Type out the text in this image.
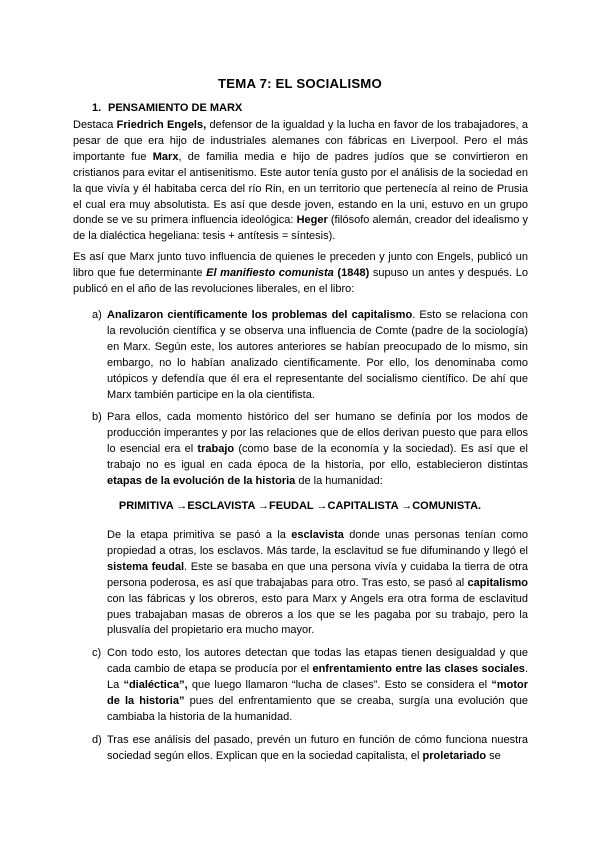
TEMA 7: EL SOCIALISMO
1. PENSAMIENTO DE MARX
Destaca Friedrich Engels, defensor de la igualdad y la lucha en favor de los trabajadores, a pesar de que era hijo de industriales alemanes con fábricas en Liverpool. Pero el más importante fue Marx, de familia media e hijo de padres judíos que se convirtieron en cristianos para evitar el antisenitismo. Este autor tenía gusto por el análisis de la sociedad en la que vivía y él habitaba cerca del río Rin, en un territorio que pertenecía al reino de Prusia el cual era muy absolutista. Es así que desde joven, estando en la uni, estuvo en un grupo donde se ve su primera influencia ideológica: Heger (filósofo alemán, creador del idealismo y de la dialéctica hegeliana: tesis + antítesis = síntesis).
Es así que Marx junto tuvo influencia de quienes le preceden y junto con Engels, publicó un libro que fue determinante El manifiesto comunista (1848) supuso un antes y después. Lo publicó en el año de las revoluciones liberales, en el libro:
a) Analizaron científicamente los problemas del capitalismo. Esto se relaciona con la revolución científica y se observa una influencia de Comte (padre de la sociología) en Marx. Según este, los autores anteriores se habían preocupado de lo mismo, sin embargo, no lo habían analizado científicamente. Por ello, los denominaba como utópicos y defendía que él era el representante del socialismo científico. De ahí que Marx también participe en la ola cientifista.
b) Para ellos, cada momento histórico del ser humano se definía por los modos de producción imperantes y por las relaciones que de ellos derivan puesto que para ellos lo esencial era el trabajo (como base de la economía y la sociedad). Es así que el trabajo no es igual en cada época de la historia, por ello, establecieron distintas etapas de la evolución de la historia de la humanidad:
PRIMITIVA →ESCLAVISTA →FEUDAL →CAPITALISTA →COMUNISTA.
De la etapa primitiva se pasó a la esclavista donde unas personas tenían como propiedad a otras, los esclavos. Más tarde, la esclavitud se fue difuminando y llegó el sistema feudal. Este se basaba en que una persona vivía y cuidaba la tierra de otra persona poderosa, es así que trabajabas para otro. Tras esto, se pasó al capitalismo con las fábricas y los obreros, esto para Marx y Angels era otra forma de esclavitud pues trabajaban masas de obreros a los que se les pagaba por su trabajo, pero la plusvalía del propietario era mucho mayor.
c) Con todo esto, los autores detectan que todas las etapas tienen desigualdad y que cada cambio de etapa se producía por el enfrentamiento entre las clases sociales. La “dialéctica”, que luego llamaron “lucha de clases”. Esto se considera el “motor de la historia” pues del enfrentamiento que se creaba, surgía una evolución que cambiaba la historia de la humanidad.
d) Tras ese análisis del pasado, prevén un futuro en función de cómo funciona nuestra sociedad según ellos. Explican que en la sociedad capitalista, el proletariado se
